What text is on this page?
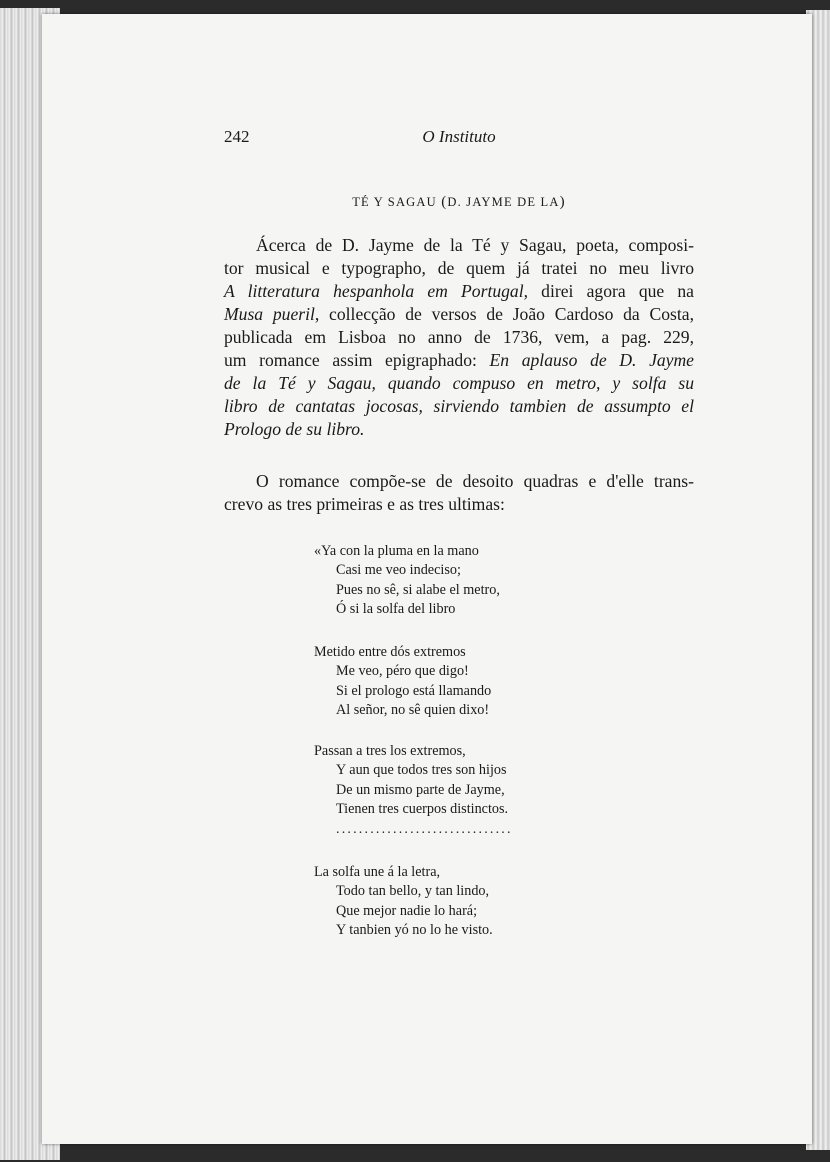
242	O Instituto
TÉ Y SAGAU (D. JAYME DE LA)

Ácerca de D. Jayme de la Té y Sagau, poeta, composi-
tor musical e typographo, de quem já tratei no meu livro
A litteratura hespanhola em Portugal, direi agora que na
Musa pueril, collecção de versos de João Cardoso da Costa,
publicada em Lisboa no anno de 1736, vem, a pag. 229,
um romance assim epigraphado: En aplauso de D. Jayme
de la Té y Sagau, quando compuso en metro, y solfa su
libro de cantatas jocosas, sirviendo tambien de assumpto el
Prologo de su libro.

O romance compõe-se de desoito quadras e d'elle trans-
crevo as tres primeiras e as tres ultimas:

«Ya con la pluma en la mano
Casi me veo indeciso;
Pues no sê, si alabe el metro,
Ó si la solfa del libro
Metido entre dós extremos
Me veo, péro que digo!
Si el prologo está llamando
Al señor, no sê quien dixo!
Passan a tres los extremos,
Y aun que todos tres son hijos
De un mismo parte de Jayme,
Tienen tres cuerpos distinctos.
...............................
La solfa une á la letra,
Todo tan bello, y tan lindo,
Que mejor nadie lo hará;
Y tanbien yó no lo he visto.
